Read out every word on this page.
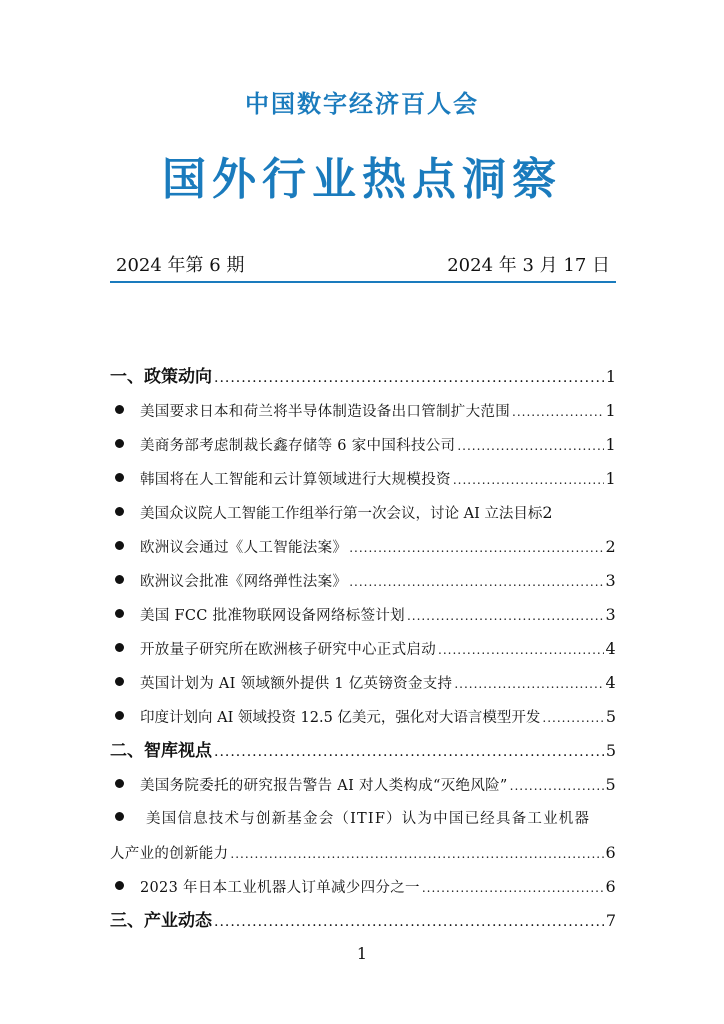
中国数字经济百人会
国外行业热点洞察
2024 年第 6 期	2024 年 3 月 17 日
一、政策动向 .....	1
美国要求日本和荷兰将半导体制造设备出口管制扩大范围 .....	1
美商务部考虑制裁长鑫存储等 6 家中国科技公司 .....	1
韩国将在人工智能和云计算领域进行大规模投资 .....	1
美国众议院人工智能工作组举行第一次会议，讨论 AI 立法目标 2
欧洲议会通过《人工智能法案》 .....	2
欧洲议会批准《网络弹性法案》 .....	3
美国 FCC 批准物联网设备网络标签计划 .....	3
开放量子研究所在欧洲核子研究中心正式启动 .....	4
英国计划为 AI 领域额外提供 1 亿英镑资金支持 .....	4
印度计划向 AI 领域投资 12.5 亿美元，强化对大语言模型开发 .....	5
二、智库视点 .....	5
美国务院委托的研究报告警告 AI 对人类构成“灭绝风险” .....	5
美国信息技术与创新基金会（ITIF）认为中国已经具备工业机器
人产业的创新能力 .....	6
2023 年日本工业机器人订单减少四分之一 .....	6
三、产业动态 .....	7
1
